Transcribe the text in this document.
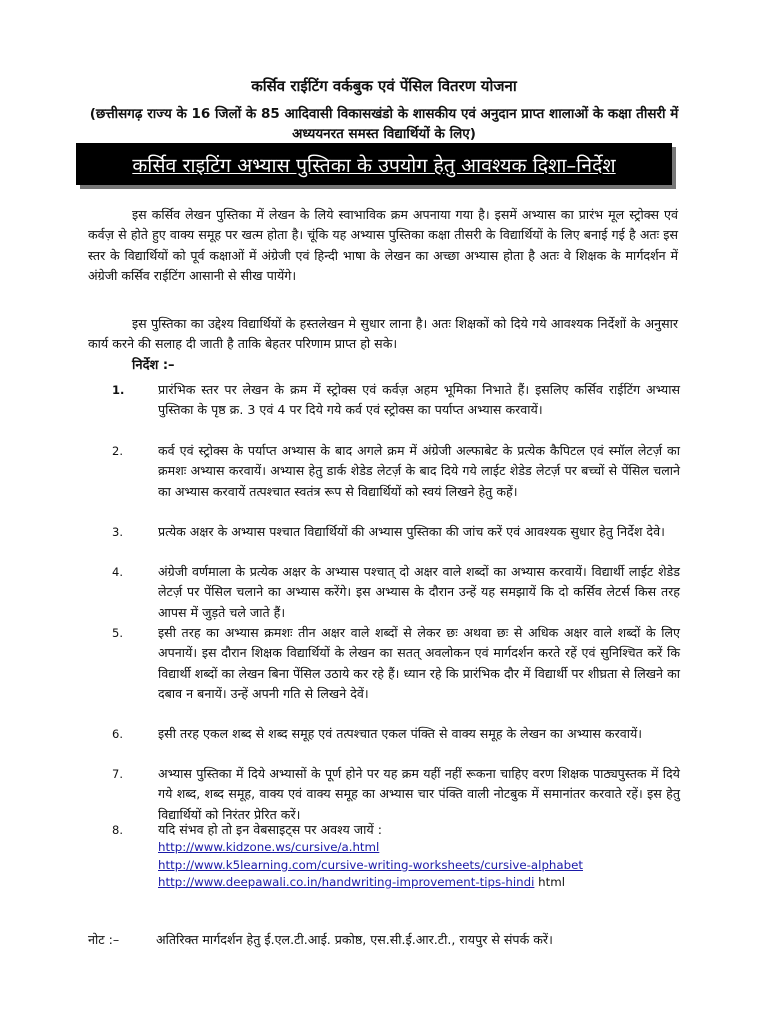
कर्सिव राईटिंग वर्कबुक एवं पेंसिल वितरण योजना
(छत्तीसगढ़ राज्य के 16 जिलों के 85 आदिवासी विकासखंडो के शासकीय एवं अनुदान प्राप्त शालाओं के कक्षा तीसरी में अध्ययनरत समस्त विद्यार्थियों के लिए)
कर्सिव राइटिंग अभ्यास पुस्तिका के उपयोग हेतु आवश्यक दिशा–निर्देश
इस कर्सिव लेखन पुस्तिका में लेखन के लिये स्वाभाविक क्रम अपनाया गया है। इसमें अभ्यास का प्रारंभ मूल स्ट्रोक्स एवं कर्वज़ से होते हुए वाक्य समूह पर खत्म होता है। चूंकि यह अभ्यास पुस्तिका कक्षा तीसरी के विद्यार्थियों के लिए बनाई गई है अतः इस स्तर के विद्यार्थियों को पूर्व कक्षाओं में अंग्रेजी एवं हिन्दी भाषा के लेखन का अच्छा अभ्यास होता है अतः वे शिक्षक के मार्गदर्शन में अंग्रेजी कर्सिव राईटिंग आसानी से सीख पायेंगे।
इस पुस्तिका का उद्देश्य विद्यार्थियों के हस्तलेखन मे सुधार लाना है। अतः शिक्षकों को दिये गये आवश्यक निर्देशों के अनुसार कार्य करने की सलाह दी जाती है ताकि बेहतर परिणाम प्राप्त हो सके।
निर्देश :–
1.	प्रारंभिक स्तर पर लेखन के क्रम में स्ट्रोक्स एवं कर्वज़ अहम भूमिका निभाते हैं। इसलिए कर्सिव राईटिंग अभ्यास पुस्तिका के पृष्ठ क्र. 3 एवं 4 पर दिये गये कर्व एवं स्ट्रोक्स का पर्याप्त अभ्यास करवायें।
2.	कर्व एवं स्ट्रोक्स के पर्याप्त अभ्यास के बाद अगले क्रम में अंग्रेजी अल्फाबेट के प्रत्येक कैपिटल एवं स्मॉल लेटर्ज़ का क्रमशः अभ्यास करवायें। अभ्यास हेतु डार्क शेडेड लेटर्ज़ के बाद दिये गये लाईट शेडेड लेटर्ज़ पर बच्चों से पेंसिल चलाने का अभ्यास करवायें तत्पश्चात स्वतंत्र रूप से विद्यार्थियों को स्वयं लिखने हेतु कहें।
3.	प्रत्येक अक्षर के अभ्यास पश्चात विद्यार्थियों की अभ्यास पुस्तिका की जांच करें एवं आवश्यक सुधार हेतु निर्देश देवे।
4.	अंग्रेजी वर्णमाला के प्रत्येक अक्षर के अभ्यास पश्चात् दो अक्षर वाले शब्दों का अभ्यास करवायें। विद्यार्थी लाईट शेडेड लेटर्ज़ पर पेंसिल चलाने का अभ्यास करेंगे। इस अभ्यास के दौरान उन्हें यह समझायें कि दो कर्सिव लेटर्स किस तरह आपस में जुड़ते चले जाते हैं।
5.	इसी तरह का अभ्यास क्रमशः तीन अक्षर वाले शब्दों से लेकर छः अथवा छः से अधिक अक्षर वाले शब्दों के लिए अपनायें। इस दौरान शिक्षक विद्यार्थियों के लेखन का सतत् अवलोकन एवं मार्गदर्शन करते रहें एवं सुनिश्चित करें कि विद्यार्थी शब्दों का लेखन बिना पेंसिल उठाये कर रहे हैं। ध्यान रहे कि प्रारंभिक दौर में विद्यार्थी पर शीघ्रता से लिखने का दबाव न बनायें। उन्हें अपनी गति से लिखने देवें।
6.	इसी तरह एकल शब्द से शब्द समूह एवं तत्पश्चात एकल पंक्ति से वाक्य समूह के लेखन का अभ्यास करवायें।
7.	अभ्यास पुस्तिका में दिये अभ्यासों के पूर्ण होने पर यह क्रम यहीं नहीं रूकना चाहिए वरण शिक्षक पाठ्यपुस्तक में दिये गये शब्द, शब्द समूह, वाक्य एवं वाक्य समूह का अभ्यास चार पंक्ति वाली नोटबुक में समानांतर करवाते रहें। इस हेतु विद्यार्थियों को निरंतर प्रेरित करें।
8.	यदि संभव हो तो इन वेबसाइट्स पर अवश्य जायें :
http://www.kidzone.ws/cursive/a.html
http://www.k5learning.com/cursive-writing-worksheets/cursive-alphabet
http://www.deepawali.co.in/handwriting-improvement-tips-hindi html
नोट :–	अतिरिक्त मार्गदर्शन हेतु ई.एल.टी.आई. प्रकोष्ठ, एस.सी.ई.आर.टी., रायपुर से संपर्क करें।
